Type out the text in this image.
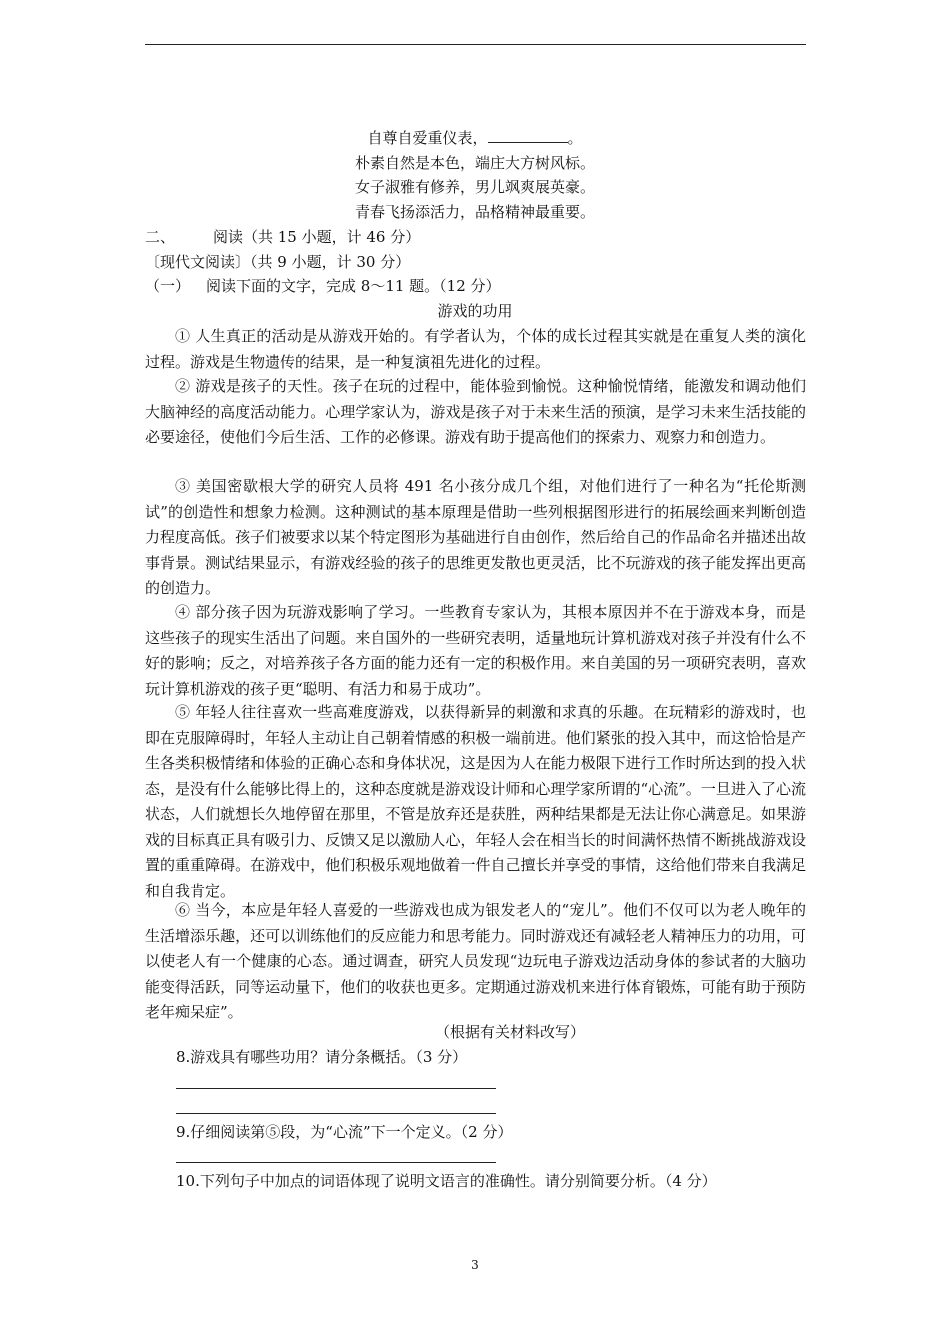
自尊自爱重仪表，	。
朴素自然是本色，端庄大方树风标。
女子淑雅有修养，男儿飒爽展英豪。
青春飞扬添活力，品格精神最重要。
二、	阅读（共 15 小题，计 46 分）
〔现代文阅读〕（共 9 小题，计 30 分）
（一） 阅读下面的文字，完成 8～11 题。（12 分）
游戏的功用
① 人生真正的活动是从游戏开始的。有学者认为，个体的成长过程其实就是在重复人类的演化过程。游戏是生物遗传的结果，是一种复演祖先进化的过程。
② 游戏是孩子的天性。孩子在玩的过程中，能体验到愉悦。这种愉悦情绪，能激发和调动他们大脑神经的高度活动能力。心理学家认为，游戏是孩子对于未来生活的预演，是学习未来生活技能的必要途径，使他们今后生活、工作的必修课。游戏有助于提高他们的探索力、观察力和创造力。
③ 美国密歇根大学的研究人员将 491 名小孩分成几个组，对他们进行了一种名为“托伦斯测试”的创造性和想象力检测。这种测试的基本原理是借助一些列根据图形进行的拓展绘画来判断创造力程度高低。孩子们被要求以某个特定图形为基础进行自由创作，然后给自己的作品命名并描述出故事背景。测试结果显示，有游戏经验的孩子的思维更发散也更灵活，比不玩游戏的孩子能发挥出更高的创造力。
④ 部分孩子因为玩游戏影响了学习。一些教育专家认为，其根本原因并不在于游戏本身，而是这些孩子的现实生活出了问题。来自国外的一些研究表明，适量地玩计算机游戏对孩子并没有什么不好的影响；反之，对培养孩子各方面的能力还有一定的积极作用。来自美国的另一项研究表明，喜欢玩计算机游戏的孩子更“聪明、有活力和易于成功”。
⑤ 年轻人往往喜欢一些高难度游戏，以获得新异的刺激和求真的乐趣。在玩精彩的游戏时，也即在克服障碍时，年轻人主动让自己朝着情感的积极一端前进。他们紧张的投入其中，而这恰恰是产生各类积极情绪和体验的正确心态和身体状况，这是因为人在能力极限下进行工作时所达到的投入状态，是没有什么能够比得上的，这种态度就是游戏设计师和心理学家所谓的“心流”。一旦进入了心流状态，人们就想长久地停留在那里，不管是放弃还是获胜，两种结果都是无法让你心满意足。如果游戏的目标真正具有吸引力、反馈又足以激励人心，年轻人会在相当长的时间满怀热情不断挑战游戏设置的重重障碍。在游戏中，他们积极乐观地做着一件自己擅长并享受的事情，这给他们带来自我满足和自我肯定。
⑥ 当今，本应是年轻人喜爱的一些游戏也成为银发老人的“宠儿”。他们不仅可以为老人晚年的生活增添乐趣，还可以训练他们的反应能力和思考能力。同时游戏还有减轻老人精神压力的功用，可以使老人有一个健康的心态。通过调查，研究人员发现“边玩电子游戏边活动身体的参试者的大脑功能变得活跃，同等运动量下，他们的收获也更多。定期通过游戏机来进行体育锻炼，可能有助于预防老年痴呆症”。
（根据有关材料改写）
8.游戏具有哪些功用？请分条概括。（3 分）
9.仔细阅读第⑤段，为“心流”下一个定义。（2 分）
10.下列句子中加点的词语体现了说明文语言的准确性。请分别简要分析。（4 分）
3
